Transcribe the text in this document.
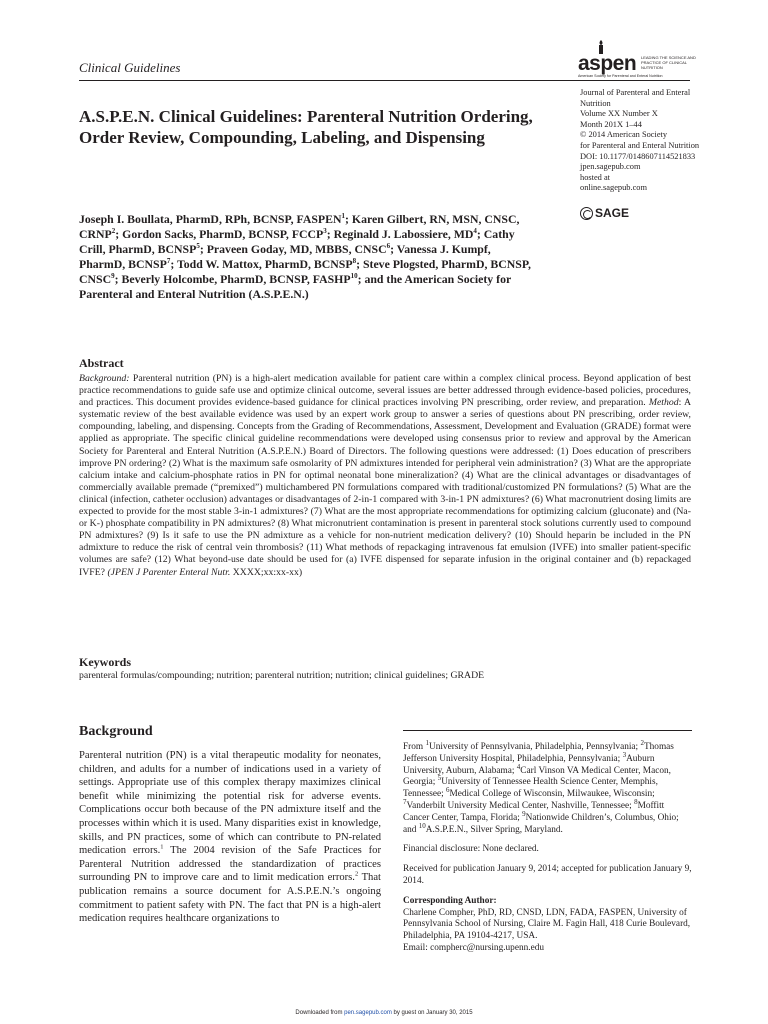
Clinical Guidelines	aspen LEADING THE SCIENCE AND
PRACTICE OF CLINICAL NUTRITION
American Society for Parenteral and Enteral Nutrition
A.S.P.E.N. Clinical Guidelines: Parenteral Nutrition Ordering, Order Review, Compounding, Labeling, and Dispensing
Journal of Parenteral and Enteral
Nutrition
Volume XX Number X
Month 201X 1–44
© 2014 American Society
for Parenteral and Enteral Nutrition
DOI: 10.1177/0148607114521833
jpen.sagepub.com
hosted at
online.sagepub.com
SAGE
Joseph I. Boullata, PharmD, RPh, BCNSP, FASPEN$^1$; Karen Gilbert, RN, MSN, CNSC, CRNP$^2$; Gordon Sacks, PharmD, BCNSP, FCCP$^3$; Reginald J. Labossiere, $MD^4$; Cathy Crill, PharmD, BCNSP$^5$; Praveen Goday, MD, MBBS, CNSC$^6$; Vanessa J. Kumpf, PharmD, BCNSP$^7$; Todd W. Mattox, PharmD, BCNSP$^8$; Steve Plogsted, PharmD, BCNSP, CNSC$^9$; Beverly Holcombe, PharmD, BCNSP, FASHP$^{10}$; and the American Society for Parenteral and Enteral Nutrition (A.S.P.E.N.)
Abstract
Background: Parenteral nutrition (PN) is a high-alert medication available for patient care within a complex clinical process. Beyond application of best practice recommendations to guide safe use and optimize clinical outcome, several issues are better addressed through evidence-based policies, procedures, and practices. This document provides evidence-based guidance for clinical practices involving PN prescribing, order review, and preparation. Method: A systematic review of the best available evidence was used by an expert work group to answer a series of questions about PN prescribing, order review, compounding, labeling, and dispensing. Concepts from the Grading of Recommendations, Assessment, Development and Evaluation (GRADE) format were applied as appropriate. The specific clinical guideline recommendations were developed using consensus prior to review and approval by the American Society for Parenteral and Enteral Nutrition (A.S.P.E.N.) Board of Directors. The following questions were addressed: (1) Does education of prescribers improve PN ordering? (2) What is the maximum safe osmolarity of PN admixtures intended for peripheral vein administration? (3) What are the appropriate calcium intake and calcium-phosphate ratios in PN for optimal neonatal bone mineralization? (4) What are the clinical advantages or disadvantages of commercially available premade (“premixed”) multichambered PN formulations compared with traditional/customized PN formulations? (5) What are the clinical (infection, catheter occlusion) advantages or disadvantages of 2-in-1 compared with 3-in-1 PN admixtures? (6) What macronutrient dosing limits are expected to provide for the most stable 3-in-1 admixtures? (7) What are the most appropriate recommendations for optimizing calcium (gluconate) and (Na- or K-) phosphate compatibility in PN admixtures? (8) What micronutrient contamination is present in parenteral stock solutions currently used to compound PN admixtures? (9) Is it safe to use the PN admixture as a vehicle for non-nutrient medication delivery? (10) Should heparin be included in the PN admixture to reduce the risk of central vein thrombosis? (11) What methods of repackaging intravenous fat emulsion (IVFE) into smaller patient-specific volumes are safe? (12) What beyond-use date should be used for (a) IVFE dispensed for separate infusion in the original container and (b) repackaged IVFE? (JPEN J Parenter Enteral Nutr. XXXX;xx:xx-xx)
Keywords
parenteral formulas/compounding; nutrition; parenteral nutrition; nutrition; clinical guidelines; GRADE
Background
Parenteral nutrition (PN) is a vital therapeutic modality for neonates, children, and adults for a number of indications used in a variety of settings. Appropriate use of this complex therapy maximizes clinical benefit while minimizing the potential risk for adverse events. Complications occur both because of the PN admixture itself and the processes within which it is used. Many disparities exist in knowledge, skills, and PN practices, some of which can contribute to PN-related medication errors.$^1$ The 2004 revision of the Safe Practices for Parenteral Nutrition addressed the standardization of practices surrounding PN to improve care and to limit medication errors.$^2$ That publication remains a source document for A.S.P.E.N.’s ongoing commitment to patient safety with PN. The fact that PN is a high-alert medication requires healthcare organizations to

From $^1$University of Pennsylvania, Philadelphia, Pennsylvania; $^2$Thomas Jefferson University Hospital, Philadelphia, Pennsylvania; $^3$Auburn University, Auburn, Alabama; $^4$Carl Vinson VA Medical Center, Macon, Georgia; $^5$University of Tennessee Health Science Center, Memphis, Tennessee; $^6$Medical College of Wisconsin, Milwaukee, Wisconsin; $^7$Vanderbilt University Medical Center, Nashville, Tennessee; $^8$Moffitt Cancer Center, Tampa, Florida; $^9$Nationwide Children’s, Columbus, Ohio; and $^{10}$A.S.P.E.N., Silver Spring, Maryland.

Financial disclosure: None declared.

Received for publication January 9, 2014; accepted for publication January 9, 2014.

Corresponding Author:
Charlene Compher, PhD, RD, CNSD, LDN, FADA, FASPEN, University of Pennsylvania School of Nursing, Claire M. Fagin Hall, 418 Curie Boulevard, Philadelphia, PA 19104-4217, USA.
Email: compherc@nursing.upenn.edu

Downloaded from pen.sagepub.com by guest on January 30, 2015
